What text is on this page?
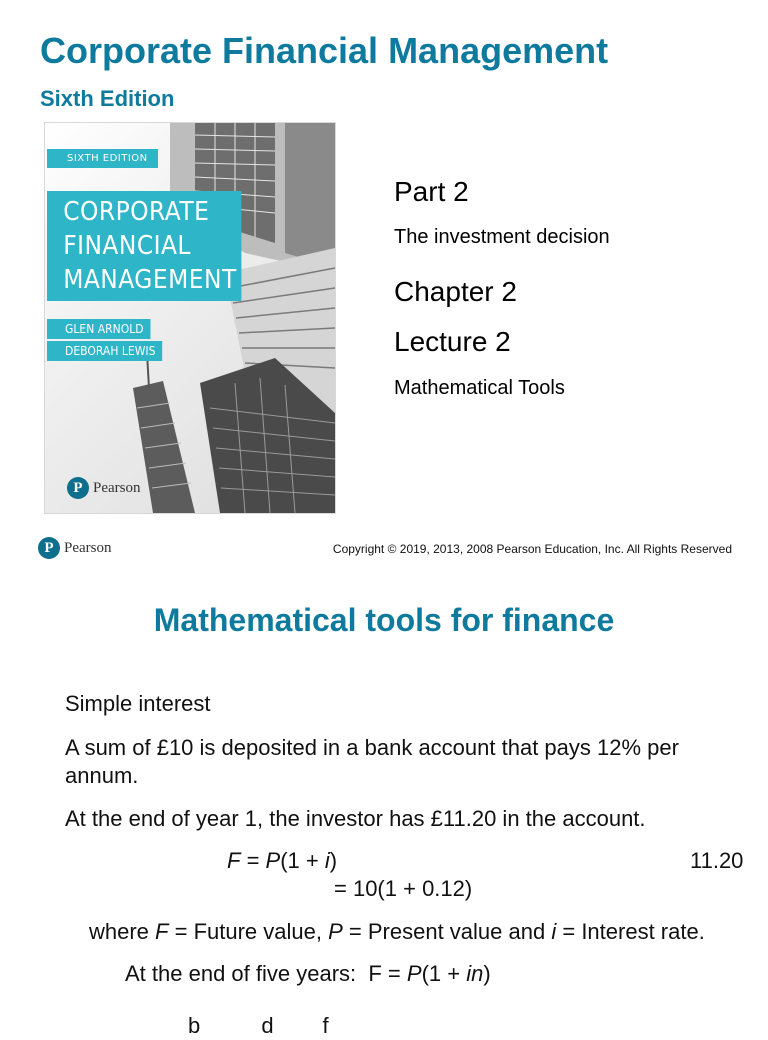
Corporate Financial Management
Sixth Edition
SIXTH EDITION
CORPORATE
FINANCIAL
MANAGEMENT
GLEN ARNOLD
DEBORAH LEWIS
P Pearson
Part 2
The investment decision
Chapter 2
Lecture 2
Mathematical Tools
P Pearson	Copyright © 2019, 2013, 2008 Pearson Education, Inc. All Rights Reserved
Mathematical tools for finance
Simple interest
A sum of £10 is deposited in a bank account that pays 12% per annum.
At the end of year 1, the investor has £11.20 in the account.
F = P(1 + i)	11.20
= 10(1 + 0.12)
where F = Future value, P = Present value and i = Interest rate.
At the end of five years:  F = P(1 + in)
b          d        f
